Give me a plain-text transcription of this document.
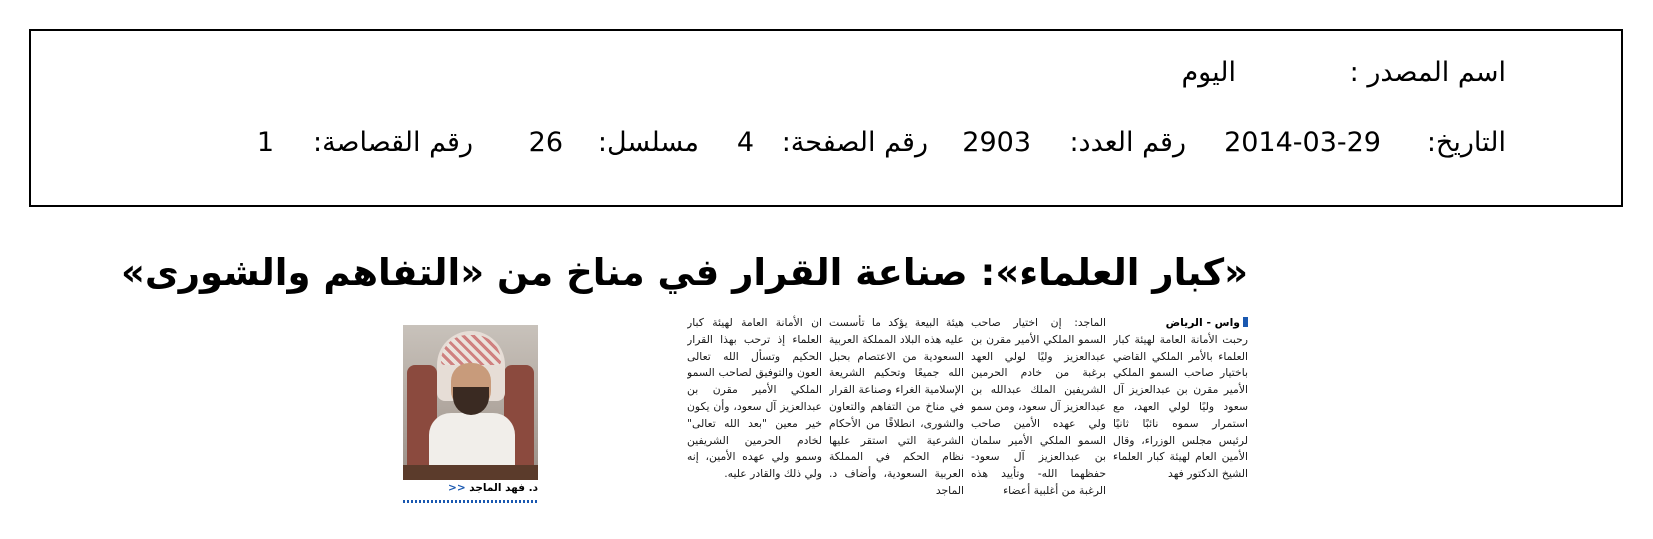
اسم المصدر :
اليوم
التاريخ:
2014-03-29
رقم العدد:
2903
رقم الصفحة:
4
مسلسل:
26
رقم القصاصة:
1
«كبار العلماء»: صناعة القرار في مناخ من «التفاهم والشورى»
واس - الرياض
رحبت الأمانة العامة لهيئة كبار العلماء بالأمر الملكي القاضي باختيار صاحب السمو الملكي الأمير مقرن بن عبدالعزيز آل سعود وليًا لولي العهد، مع استمرار سموه نائبًا ثانيًا لرئيس مجلس الوزراء، وقال الأمين العام لهيئة كبار العلماء الشيخ الدكتور فهد
الماجد: إن اختيار صاحب السمو الملكي الأمير مقرن بن عبدالعزيز وليًا لولي العهد برغبة من خادم الحرمين الشريفين الملك عبدالله بن عبدالعزيز آل سعود، ومن سمو ولي عهده الأمين صاحب السمو الملكي الأمير سلمان بن عبدالعزيز آل سعود-حفظهما الله- وتأييد هذه الرغبة من أغلبية أعضاء
هيئة البيعة يؤكد ما تأسست عليه هذه البلاد المملكة العربية السعودية من الاعتصام بحبل الله جميعًا وتحكيم الشريعة الإسلامية الغراء وصناعة القرار في مناخ من التفاهم والتعاون والشورى، انطلاقًا من الأحكام الشرعية التي استقر عليها نظام الحكم في المملكة العربية السعودية، وأضاف د. الماجد
ان الأمانة العامة لهيئة كبار العلماء إذ ترحب بهذا القرار الحكيم وتسأل الله تعالى العون والتوفيق لصاحب السمو الملكي الأمير مقرن بن عبدالعزيز آل سعود، وأن يكون خير معين "بعد الله تعالى" لخادم الحرمين الشريفين وسمو ولي عهده الأمين، إنه ولي ذلك والقادر عليه.
د. فهد الماجد <<
